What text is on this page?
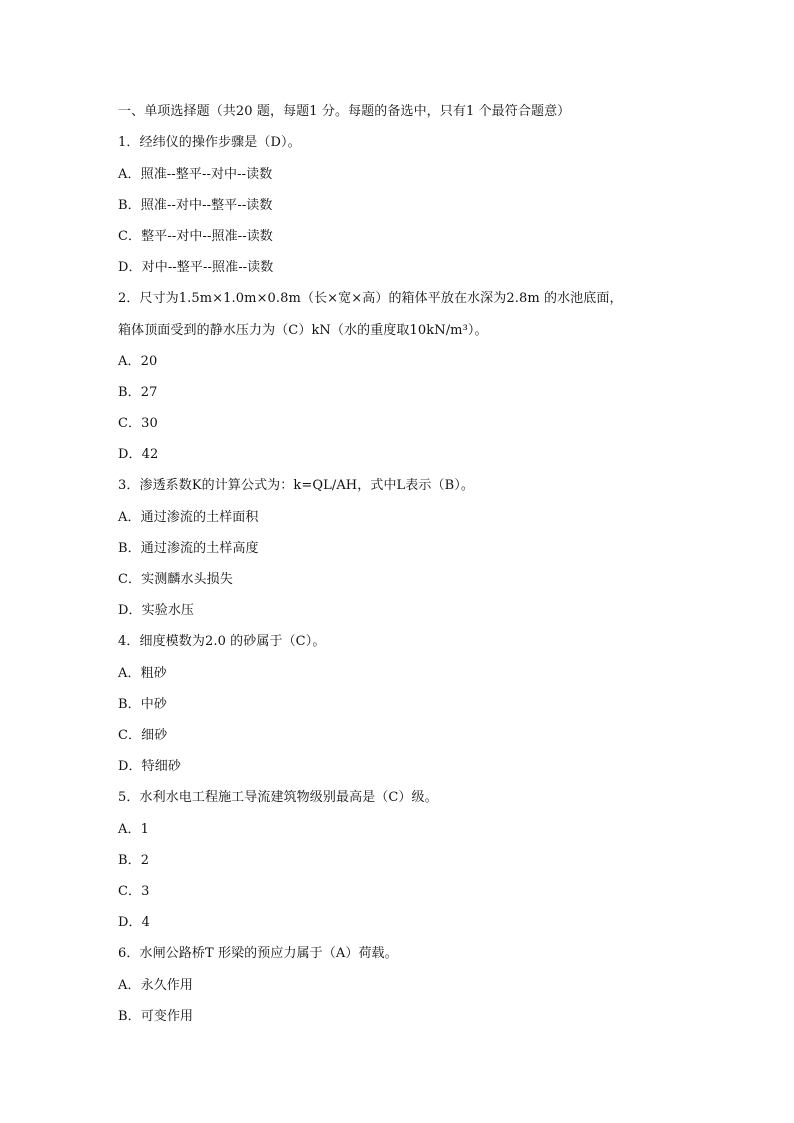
一、单项选择题（共20 题，每题1 分。每题的备选中，只有1 个最符合题意）

1．经纬仪的操作步骤是（D）。

A．照准--整平--对中--读数

B．照准--对中--整平--读数

C．整平--对中--照准--读数

D．对中--整平--照准--读数

2．尺寸为1.5m×1.0m×0.8m（长×宽×高）的箱体平放在水深为2.8m 的水池底面，

箱体顶面受到的静水压力为（C）kN（水的重度取10kN/m³）。

A．20

B．27

C．30

D．42

3．渗透系数K的计算公式为：k=QL/AH，式中L表示（B）。

A．通过渗流的土样面积

B．通过渗流的土样高度

C．实测麟水头损失

D．实验水压

4．细度模数为2.0 的砂属于（C）。

A．粗砂

B．中砂

C．细砂

D．特细砂

5．水利水电工程施工导流建筑物级别最高是（C）级。

A．1

B．2

C．3

D．4

6．水闸公路桥T 形梁的预应力属于（A）荷载。

A．永久作用

B．可变作用
